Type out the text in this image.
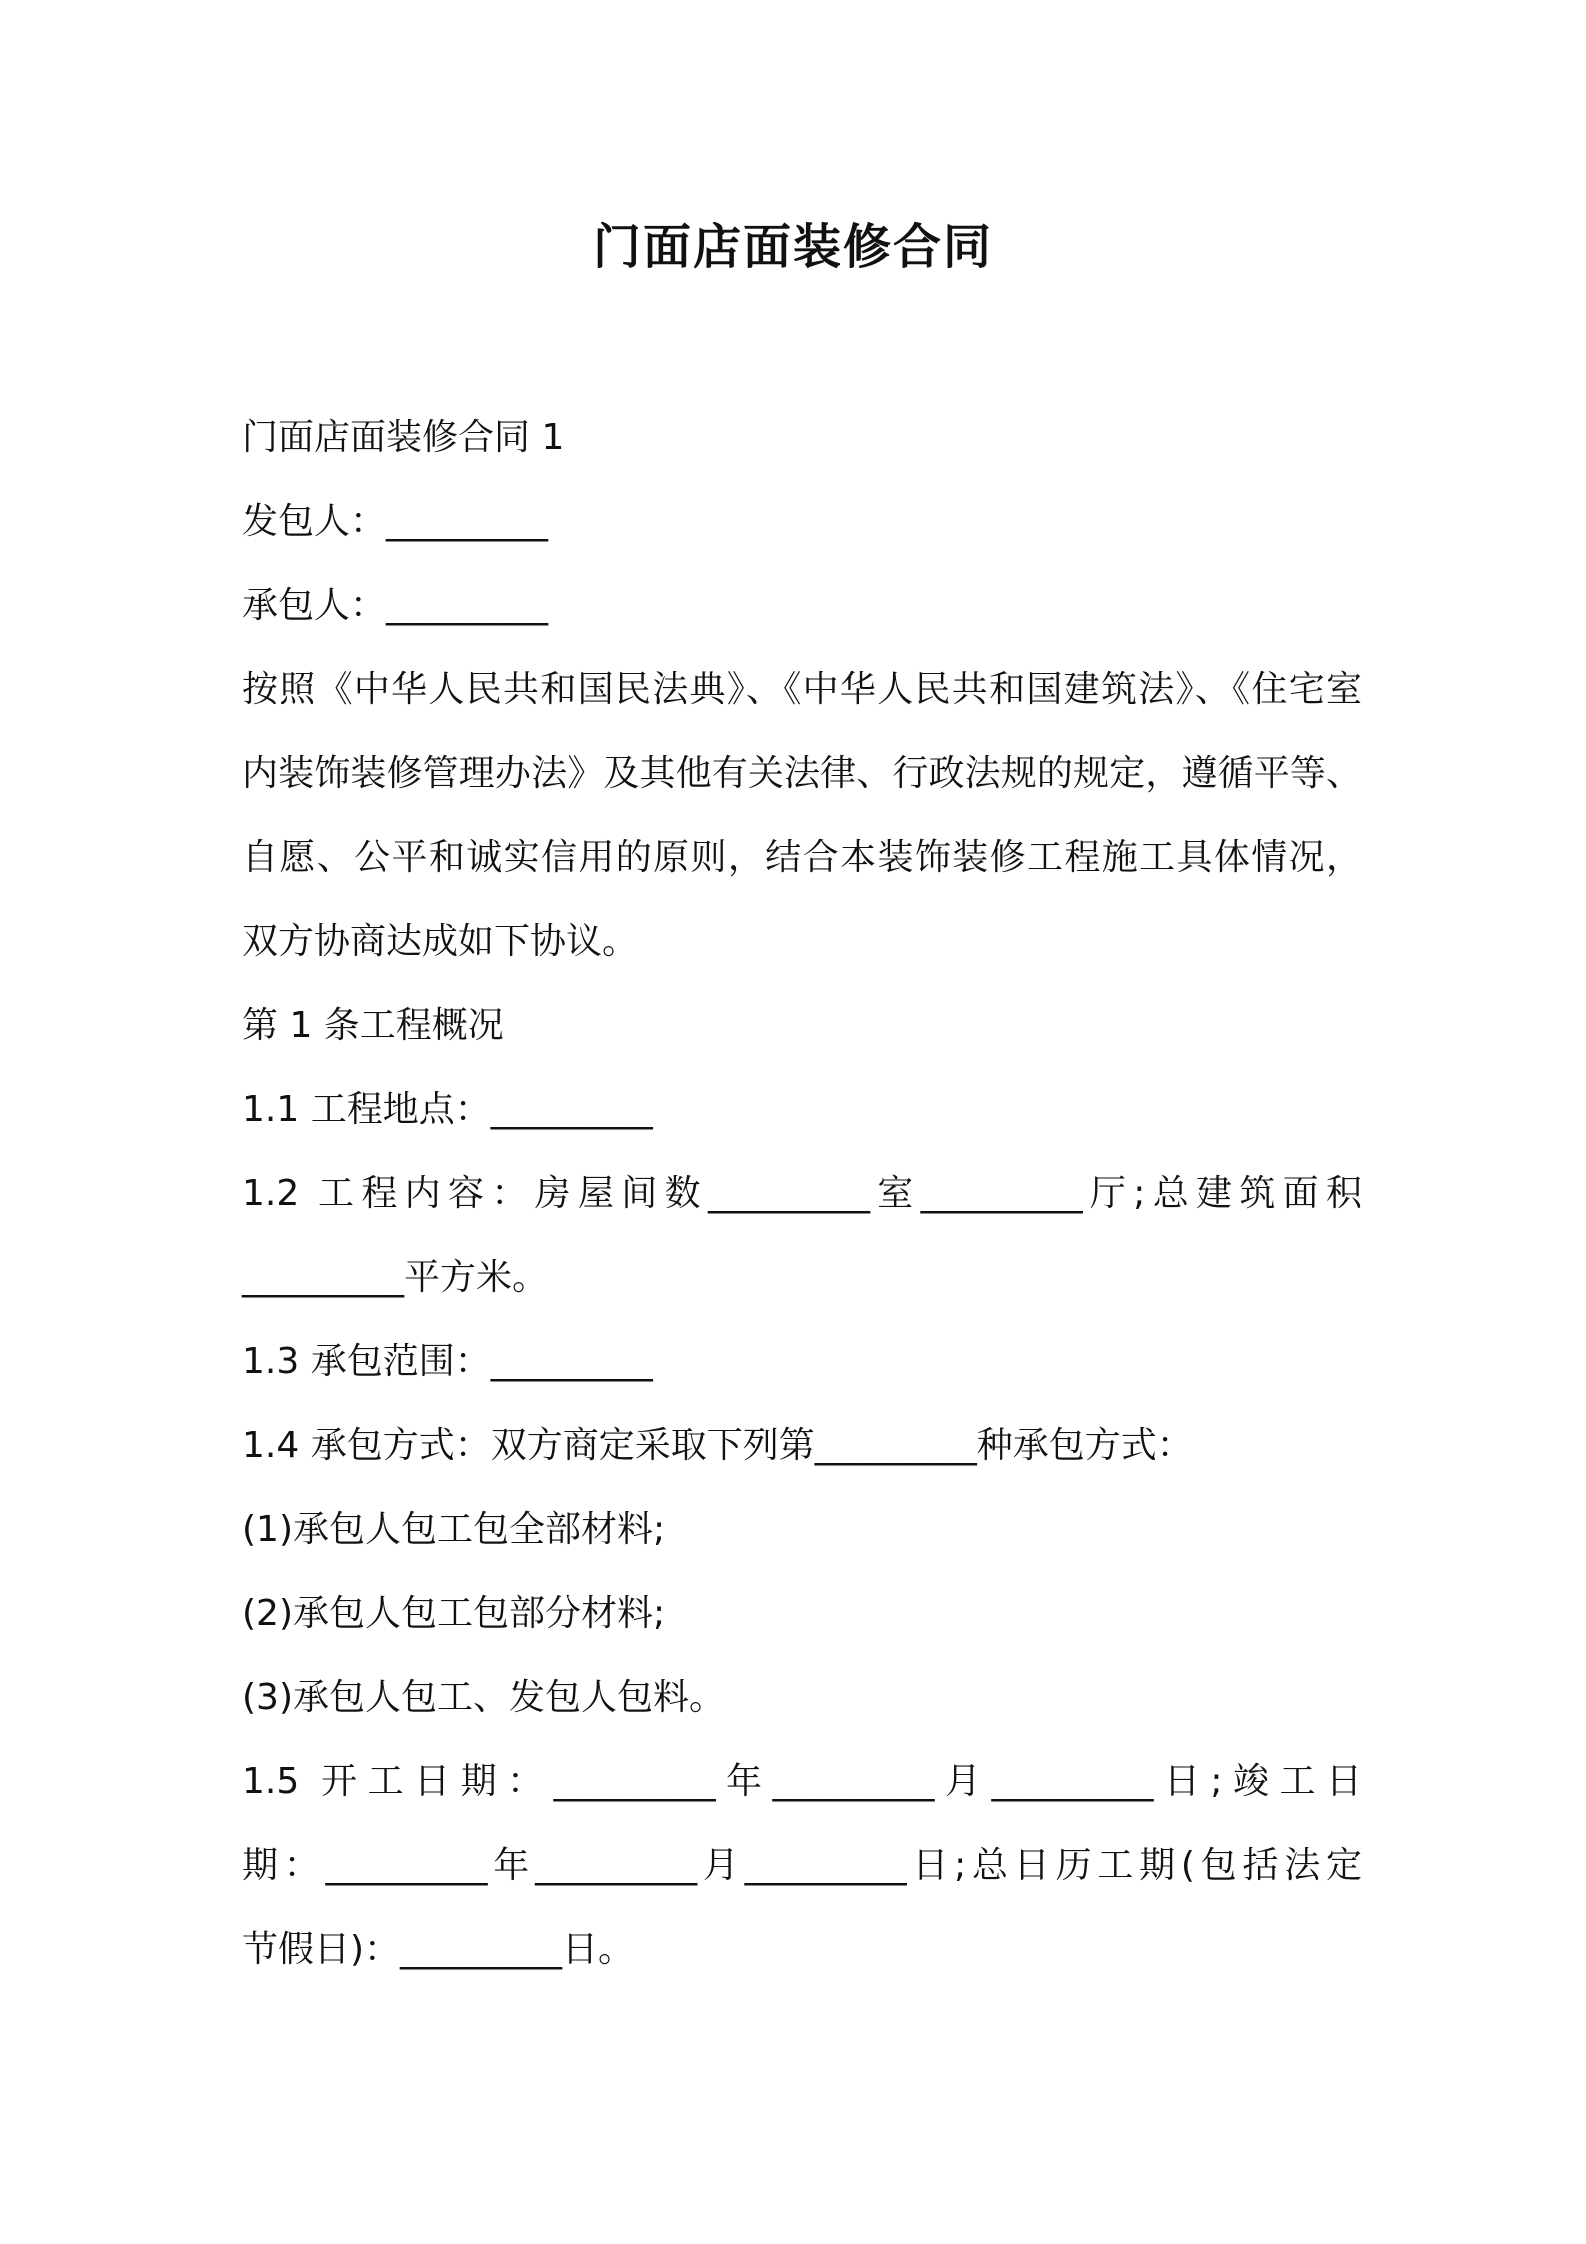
门面店面装修合同

门面店面装修合同 1

发包人：_________

承包人：_________

按照《中华人民共和国民法典》、《中华人民共和国建筑法》、《住宅室

内装饰装修管理办法》及其他有关法律、行政法规的规定，遵循平等、

自愿、公平和诚实信用的原则，结合本装饰装修工程施工具体情况，

双方协商达成如下协议。

第 1 条工程概况

1.1 工程地点：_________

1.2 工程内容：房屋间数_________室_________厅;总建筑面积

_________平方米。

1.3 承包范围：_________

1.4 承包方式：双方商定采取下列第_________种承包方式：

(1)承包人包工包全部材料;

(2)承包人包工包部分材料;

(3)承包人包工、发包人包料。

1.5 开工日期：_________年_________月_________日;竣工日

期：_________年_________月_________日;总日历工期(包括法定

节假日)：_________日。
